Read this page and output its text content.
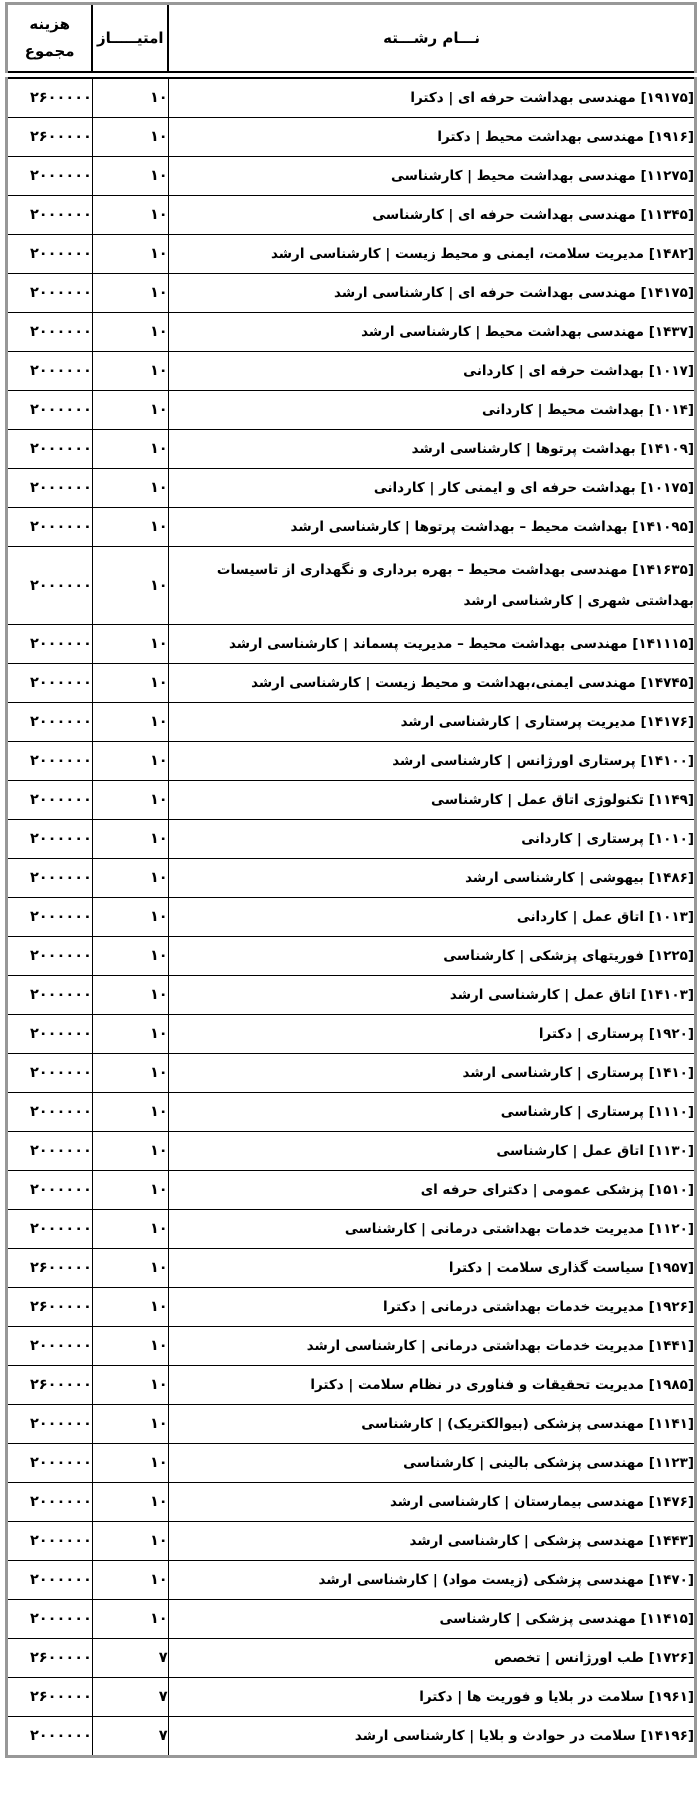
نـــام رشـــته	امتیـــــاز	هزینه
مجموع
[۱۹۱۷۵] مهندسی بهداشت حرفه ای | دکترا	۱۰	۲۶۰۰۰۰۰
[۱۹۱۶] مهندسی بهداشت محیط | دکترا	۱۰	۲۶۰۰۰۰۰
[۱۱۲۷۵] مهندسی بهداشت محیط | کارشناسی	۱۰	۲۰۰۰۰۰۰
[۱۱۳۴۵] مهندسی بهداشت حرفه ای | کارشناسی	۱۰	۲۰۰۰۰۰۰
[۱۴۸۲] مدیریت سلامت، ایمنی و محیط زیست | کارشناسی ارشد	۱۰	۲۰۰۰۰۰۰
[۱۴۱۷۵] مهندسی بهداشت حرفه ای | کارشناسی ارشد	۱۰	۲۰۰۰۰۰۰
[۱۴۳۷] مهندسی بهداشت محیط | کارشناسی ارشد	۱۰	۲۰۰۰۰۰۰
[۱۰۱۷] بهداشت حرفه ای | کاردانی	۱۰	۲۰۰۰۰۰۰
[۱۰۱۴] بهداشت محیط | کاردانی	۱۰	۲۰۰۰۰۰۰
[۱۴۱۰۹] بهداشت پرتوها | کارشناسی ارشد	۱۰	۲۰۰۰۰۰۰
[۱۰۱۷۵] بهداشت حرفه ای و ایمنی کار | کاردانی	۱۰	۲۰۰۰۰۰۰
[۱۴۱۰۹۵] بهداشت محیط – بهداشت پرتوها | کارشناسی ارشد	۱۰	۲۰۰۰۰۰۰
[۱۴۱۶۳۵] مهندسی بهداشت محیط – بهره برداری و نگهداری از تاسیسات بهداشتی شهری | کارشناسی ارشد	۱۰	۲۰۰۰۰۰۰
[۱۴۱۱۱۵] مهندسی بهداشت محیط – مدیریت پسماند | کارشناسی ارشد	۱۰	۲۰۰۰۰۰۰
[۱۴۷۴۵] مهندسی ایمنی،بهداشت و محیط زیست | کارشناسی ارشد	۱۰	۲۰۰۰۰۰۰
[۱۴۱۷۶] مدیریت پرستاری | کارشناسی ارشد	۱۰	۲۰۰۰۰۰۰
[۱۴۱۰۰] پرستاری اورژانس | کارشناسی ارشد	۱۰	۲۰۰۰۰۰۰
[۱۱۴۹] تکنولوژی اتاق عمل | کارشناسی	۱۰	۲۰۰۰۰۰۰
[۱۰۱۰] پرستاری | کاردانی	۱۰	۲۰۰۰۰۰۰
[۱۴۸۶] بیهوشی | کارشناسی ارشد	۱۰	۲۰۰۰۰۰۰
[۱۰۱۳] اتاق عمل | کاردانی	۱۰	۲۰۰۰۰۰۰
[۱۲۲۵] فوریتهای پزشکی | کارشناسی	۱۰	۲۰۰۰۰۰۰
[۱۴۱۰۳] اتاق عمل | کارشناسی ارشد	۱۰	۲۰۰۰۰۰۰
[۱۹۲۰] پرستاری | دکترا	۱۰	۲۰۰۰۰۰۰
[۱۴۱۰] پرستاری | کارشناسی ارشد	۱۰	۲۰۰۰۰۰۰
[۱۱۱۰] پرستاری | کارشناسی	۱۰	۲۰۰۰۰۰۰
[۱۱۳۰] اتاق عمل | کارشناسی	۱۰	۲۰۰۰۰۰۰
[۱۵۱۰] پزشکی عمومی | دکترای حرفه ای	۱۰	۲۰۰۰۰۰۰
[۱۱۲۰] مدیریت خدمات بهداشتی درمانی | کارشناسی	۱۰	۲۰۰۰۰۰۰
[۱۹۵۷] سیاست گذاری سلامت | دکترا	۱۰	۲۶۰۰۰۰۰
[۱۹۲۶] مدیریت خدمات بهداشتی درمانی | دکترا	۱۰	۲۶۰۰۰۰۰
[۱۴۴۱] مدیریت خدمات بهداشتی درمانی | کارشناسی ارشد	۱۰	۲۰۰۰۰۰۰
[۱۹۸۵] مدیریت تحقیقات و فناوری در نظام سلامت | دکترا	۱۰	۲۶۰۰۰۰۰
[۱۱۴۱] مهندسی پزشکی (بیوالکتریک) | کارشناسی	۱۰	۲۰۰۰۰۰۰
[۱۱۲۳] مهندسی پزشکی بالینی | کارشناسی	۱۰	۲۰۰۰۰۰۰
[۱۴۷۶] مهندسی بیمارستان | کارشناسی ارشد	۱۰	۲۰۰۰۰۰۰
[۱۴۴۳] مهندسی پزشکی | کارشناسی ارشد	۱۰	۲۰۰۰۰۰۰
[۱۴۷۰] مهندسی پزشکی (زیست مواد) | کارشناسی ارشد	۱۰	۲۰۰۰۰۰۰
[۱۱۴۱۵] مهندسی پزشکی | کارشناسی	۱۰	۲۰۰۰۰۰۰
[۱۷۲۶] طب اورژانس | تخصص	۷	۲۶۰۰۰۰۰
[۱۹۶۱] سلامت در بلایا و فوریت ها | دکترا	۷	۲۶۰۰۰۰۰
[۱۴۱۹۶] سلامت در حوادث و بلایا | کارشناسی ارشد	۷	۲۰۰۰۰۰۰
